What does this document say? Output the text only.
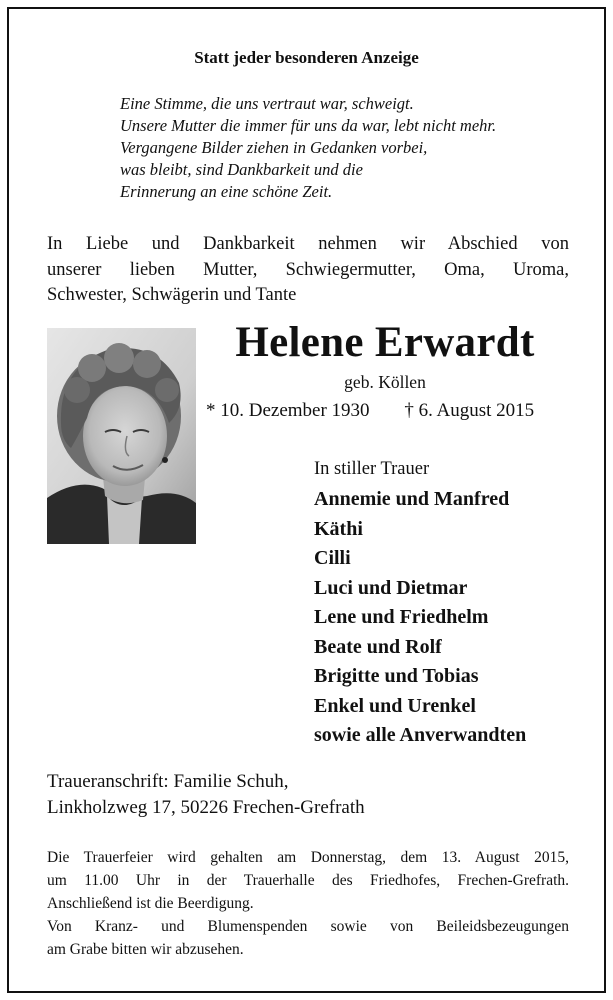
Statt jeder besonderen Anzeige
Eine Stimme, die uns vertraut war, schweigt.
Unsere Mutter die immer für uns da war, lebt nicht mehr.
Vergangene Bilder ziehen in Gedanken vorbei,
was bleibt, sind Dankbarkeit und die
Erinnerung an eine schöne Zeit.
In Liebe und Dankbarkeit nehmen wir Abschied von
unserer lieben Mutter, Schwiegermutter, Oma, Uroma,
Schwester, Schwägerin und Tante
Helene Erwardt
geb. Köllen
* 10. Dezember 1930 † 6. August 2015
In stiller Trauer
Annemie und Manfred
Käthi
Cilli
Luci und Dietmar
Lene und Friedhelm
Beate und Rolf
Brigitte und Tobias
Enkel und Urenkel
sowie alle Anverwandten
Traueranschrift: Familie Schuh,
Linkholzweg 17, 50226 Frechen-Grefrath
Die Trauerfeier wird gehalten am Donnerstag, dem 13. August 2015,
um 11.00 Uhr in der Trauerhalle des Friedhofes, Frechen-Grefrath.
Anschließend ist die Beerdigung.
Von Kranz- und Blumenspenden sowie von Beileidsbezeugungen
am Grabe bitten wir abzusehen.
